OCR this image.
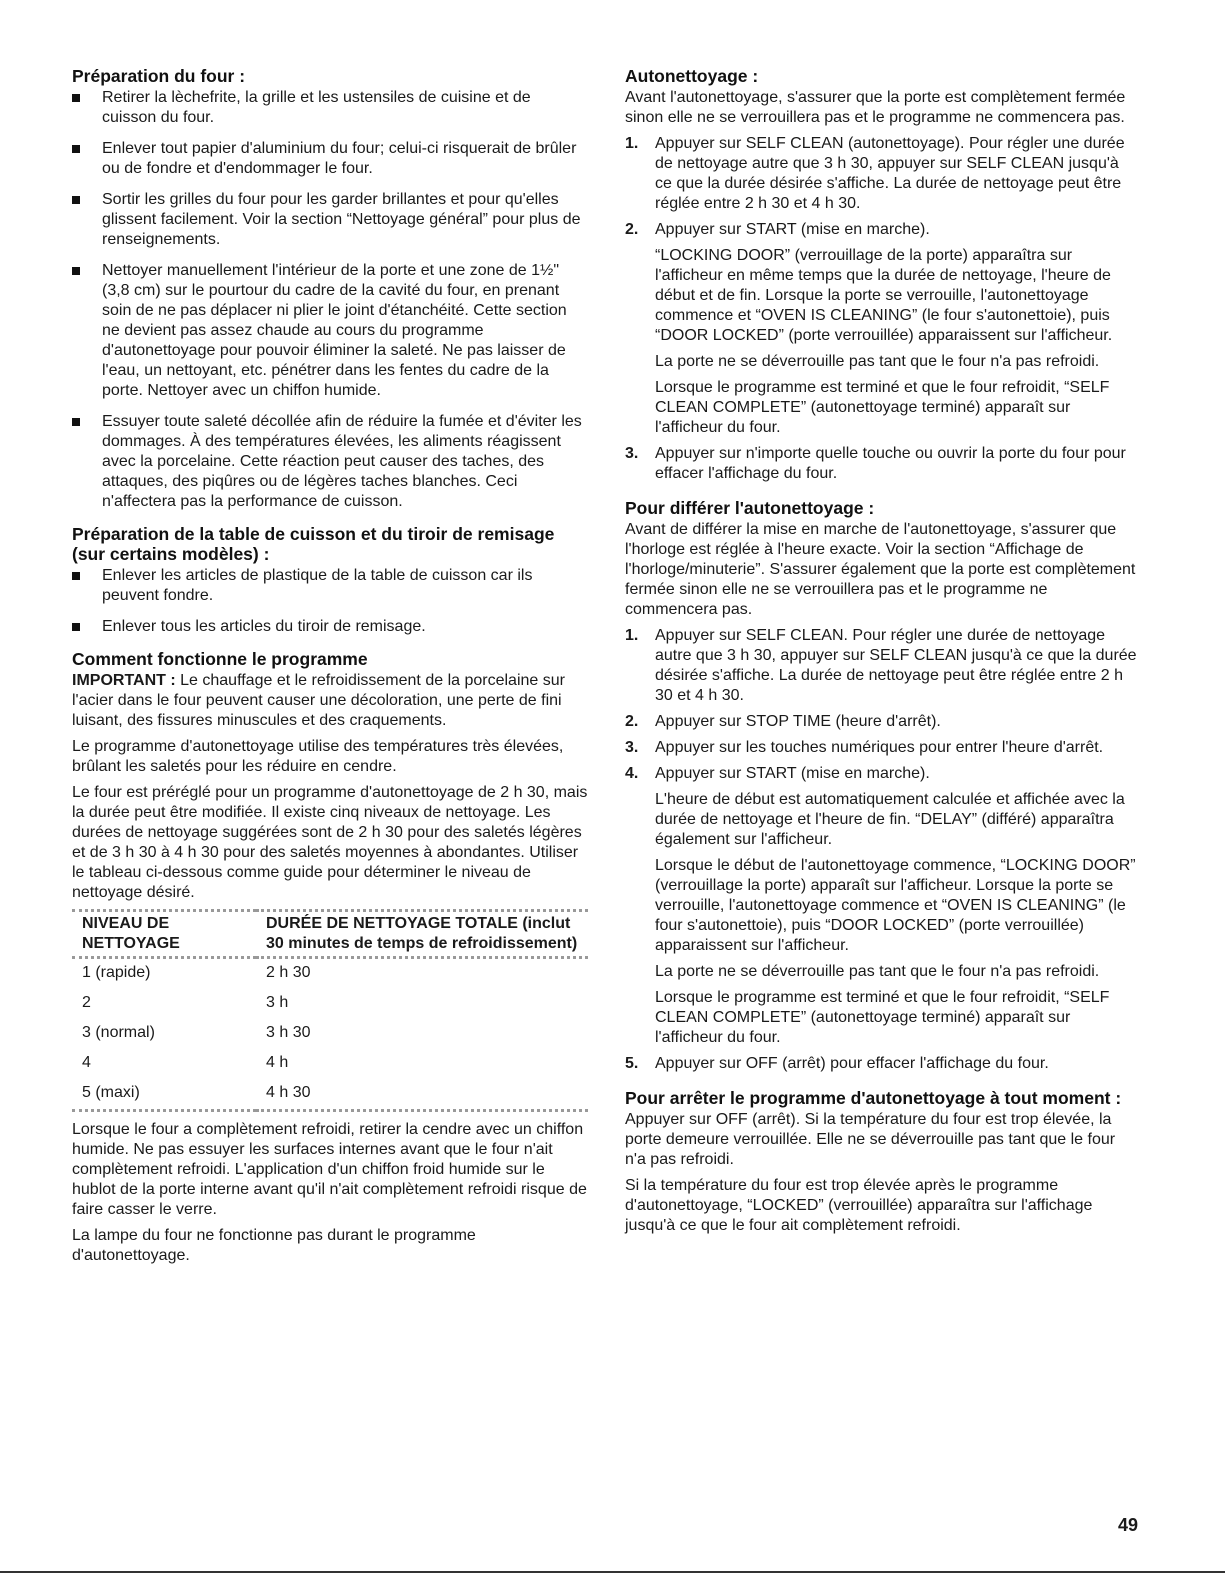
Préparation du four :
Retirer la lèchefrite, la grille et les ustensiles de cuisine et de cuisson du four.
Enlever tout papier d'aluminium du four; celui-ci risquerait de brûler ou de fondre et d'endommager le four.
Sortir les grilles du four pour les garder brillantes et pour qu'elles glissent facilement. Voir la section “Nettoyage général” pour plus de renseignements.
Nettoyer manuellement l'intérieur de la porte et une zone de 1½" (3,8 cm) sur le pourtour du cadre de la cavité du four, en prenant soin de ne pas déplacer ni plier le joint d'étanchéité. Cette section ne devient pas assez chaude au cours du programme d'autonettoyage pour pouvoir éliminer la saleté. Ne pas laisser de l'eau, un nettoyant, etc. pénétrer dans les fentes du cadre de la porte. Nettoyer avec un chiffon humide.
Essuyer toute saleté décollée afin de réduire la fumée et d'éviter les dommages. À des températures élevées, les aliments réagissent avec la porcelaine. Cette réaction peut causer des taches, des attaques, des piqûres ou de légères taches blanches. Ceci n'affectera pas la performance de cuisson.
Préparation de la table de cuisson et du tiroir de remisage (sur certains modèles) :
Enlever les articles de plastique de la table de cuisson car ils peuvent fondre.
Enlever tous les articles du tiroir de remisage.
Comment fonctionne le programme

IMPORTANT : Le chauffage et le refroidissement de la porcelaine sur l'acier dans le four peuvent causer une décoloration, une perte de fini luisant, des fissures minuscules et des craquements.

Le programme d'autonettoyage utilise des températures très élevées, brûlant les saletés pour les réduire en cendre.

Le four est préréglé pour un programme d'autonettoyage de 2 h 30, mais la durée peut être modifiée. Il existe cinq niveaux de nettoyage. Les durées de nettoyage suggérées sont de 2 h 30 pour des saletés légères et de 3 h 30 à 4 h 30 pour des saletés moyennes à abondantes. Utiliser le tableau ci-dessous comme guide pour déterminer le niveau de nettoyage désiré.

NIVEAU DE NETTOYAGE	DURÉE DE NETTOYAGE TOTALE (inclut 30 minutes de temps de refroidissement)
1 (rapide)	2 h 30
2	3 h
3 (normal)	3 h 30
4	4 h
5 (maxi)	4 h 30

Lorsque le four a complètement refroidi, retirer la cendre avec un chiffon humide. Ne pas essuyer les surfaces internes avant que le four n'ait complètement refroidi. L'application d'un chiffon froid humide sur le hublot de la porte interne avant qu'il n'ait complètement refroidi risque de faire casser le verre.

La lampe du four ne fonctionne pas durant le programme d'autonettoyage.

Autonettoyage :

Avant l'autonettoyage, s'assurer que la porte est complètement fermée sinon elle ne se verrouillera pas et le programme ne commencera pas.

1. Appuyer sur SELF CLEAN (autonettoyage). Pour régler une durée de nettoyage autre que 3 h 30, appuyer sur SELF CLEAN jusqu'à ce que la durée désirée s'affiche. La durée de nettoyage peut être réglée entre 2 h 30 et 4 h 30.
2. Appuyer sur START (mise en marche).

“LOCKING DOOR” (verrouillage de la porte) apparaîtra sur l'afficheur en même temps que la durée de nettoyage, l'heure de début et de fin. Lorsque la porte se verrouille, l'autonettoyage commence et “OVEN IS CLEANING” (le four s'autonettoie), puis “DOOR LOCKED” (porte verrouillée) apparaissent sur l'afficheur.

La porte ne se déverrouille pas tant que le four n'a pas refroidi.

Lorsque le programme est terminé et que le four refroidit, “SELF CLEAN COMPLETE” (autonettoyage terminé) apparaît sur l'afficheur du four.

3. Appuyer sur n'importe quelle touche ou ouvrir la porte du four pour effacer l'affichage du four.
Pour différer l'autonettoyage :

Avant de différer la mise en marche de l'autonettoyage, s'assurer que l'horloge est réglée à l'heure exacte. Voir la section “Affichage de l'horloge/minuterie”. S'assurer également que la porte est complètement fermée sinon elle ne se verrouillera pas et le programme ne commencera pas.

1. Appuyer sur SELF CLEAN. Pour régler une durée de nettoyage autre que 3 h 30, appuyer sur SELF CLEAN jusqu'à ce que la durée désirée s'affiche. La durée de nettoyage peut être réglée entre 2 h 30 et 4 h 30.
2. Appuyer sur STOP TIME (heure d'arrêt).
3. Appuyer sur les touches numériques pour entrer l'heure d'arrêt.
4. Appuyer sur START (mise en marche).

L'heure de début est automatiquement calculée et affichée avec la durée de nettoyage et l'heure de fin. “DELAY” (différé) apparaîtra également sur l'afficheur.

Lorsque le début de l'autonettoyage commence, “LOCKING DOOR” (verrouillage la porte) apparaît sur l'afficheur. Lorsque la porte se verrouille, l'autonettoyage commence et “OVEN IS CLEANING” (le four s'autonettoie), puis “DOOR LOCKED” (porte verrouillée) apparaissent sur l'afficheur.

La porte ne se déverrouille pas tant que le four n'a pas refroidi.

Lorsque le programme est terminé et que le four refroidit, “SELF CLEAN COMPLETE” (autonettoyage terminé) apparaît sur l'afficheur du four.

5. Appuyer sur OFF (arrêt) pour effacer l'affichage du four.
Pour arrêter le programme d'autonettoyage à tout moment :

Appuyer sur OFF (arrêt). Si la température du four est trop élevée, la porte demeure verrouillée. Elle ne se déverrouille pas tant que le four n'a pas refroidi.

Si la température du four est trop élevée après le programme d'autonettoyage, “LOCKED” (verrouillée) apparaîtra sur l'affichage jusqu'à ce que le four ait complètement refroidi.

49
